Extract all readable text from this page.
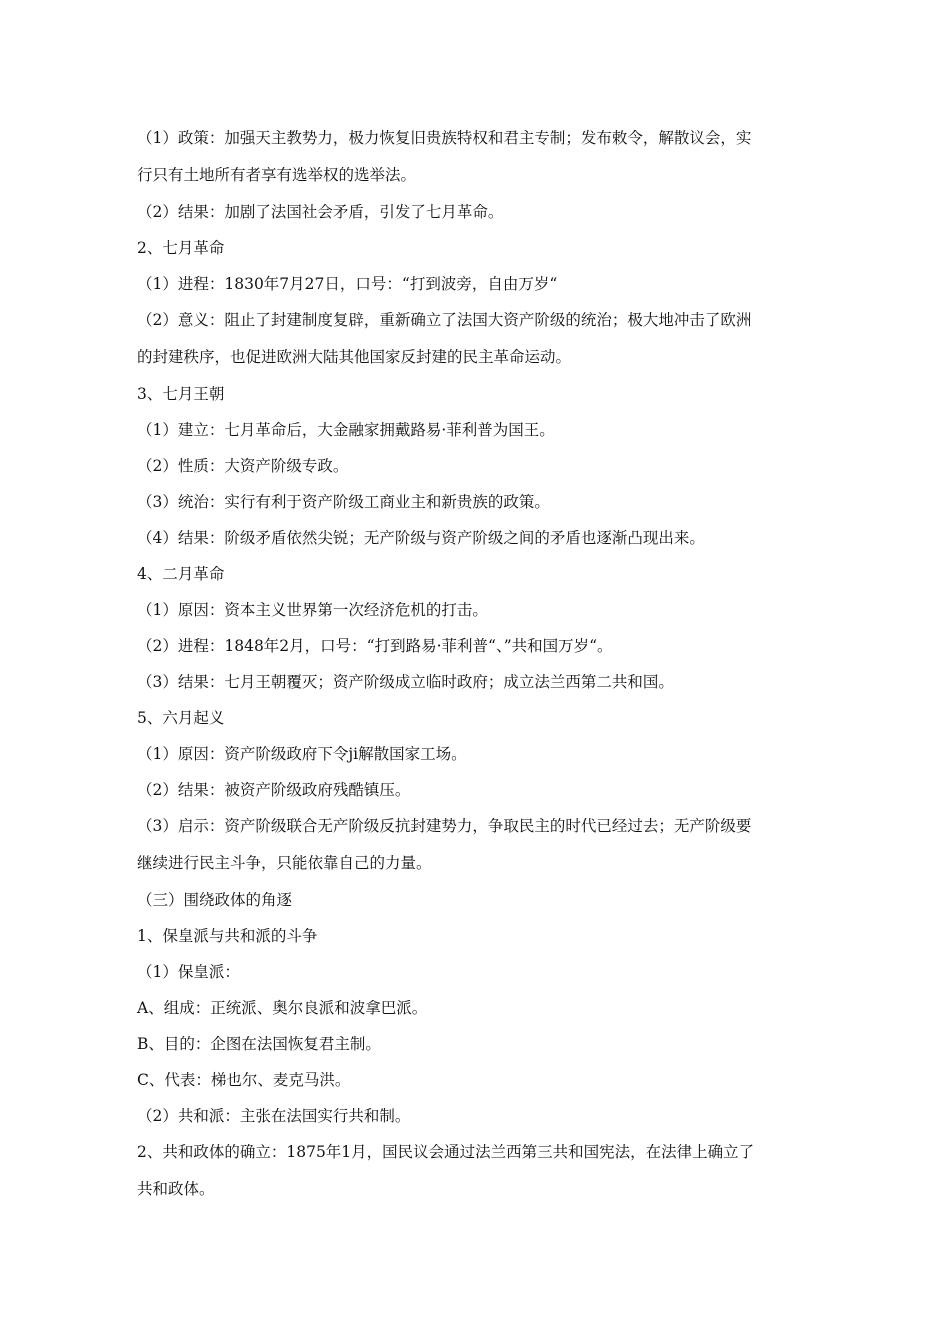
（1）政策：加强天主教势力，极力恢复旧贵族特权和君主专制；发布敕令，解散议会，实
行只有土地所有者享有选举权的选举法。
（2）结果：加剧了法国社会矛盾，引发了七月革命。
2、七月革命
（1）进程：1830年7月27日，口号：“打到波旁，自由万岁“
（2）意义：阻止了封建制度复辟，重新确立了法国大资产阶级的统治；极大地冲击了欧洲
的封建秩序，也促进欧洲大陆其他国家反封建的民主革命运动。
3、七月王朝
（1）建立：七月革命后，大金融家拥戴路易·菲利普为国王。
（2）性质：大资产阶级专政。
（3）统治：实行有利于资产阶级工商业主和新贵族的政策。
（4）结果：阶级矛盾依然尖锐；无产阶级与资产阶级之间的矛盾也逐渐凸现出来。
4、二月革命
（1）原因：资本主义世界第一次经济危机的打击。
（2）进程：1848年2月，口号：“打到路易·菲利普“、”共和国万岁“。
（3）结果：七月王朝覆灭；资产阶级成立临时政府；成立法兰西第二共和国。
5、六月起义
（1）原因：资产阶级政府下令ji解散国家工场。
（2）结果：被资产阶级政府残酷镇压。
（3）启示：资产阶级联合无产阶级反抗封建势力，争取民主的时代已经过去；无产阶级要
继续进行民主斗争，只能依靠自己的力量。
（三）围绕政体的角逐
1、保皇派与共和派的斗争
（1）保皇派：
A、组成：正统派、奥尔良派和波拿巴派。
B、目的：企图在法国恢复君主制。
C、代表：梯也尔、麦克马洪。
（2）共和派：主张在法国实行共和制。
2、共和政体的确立：1875年1月，国民议会通过法兰西第三共和国宪法，在法律上确立了
共和政体。
